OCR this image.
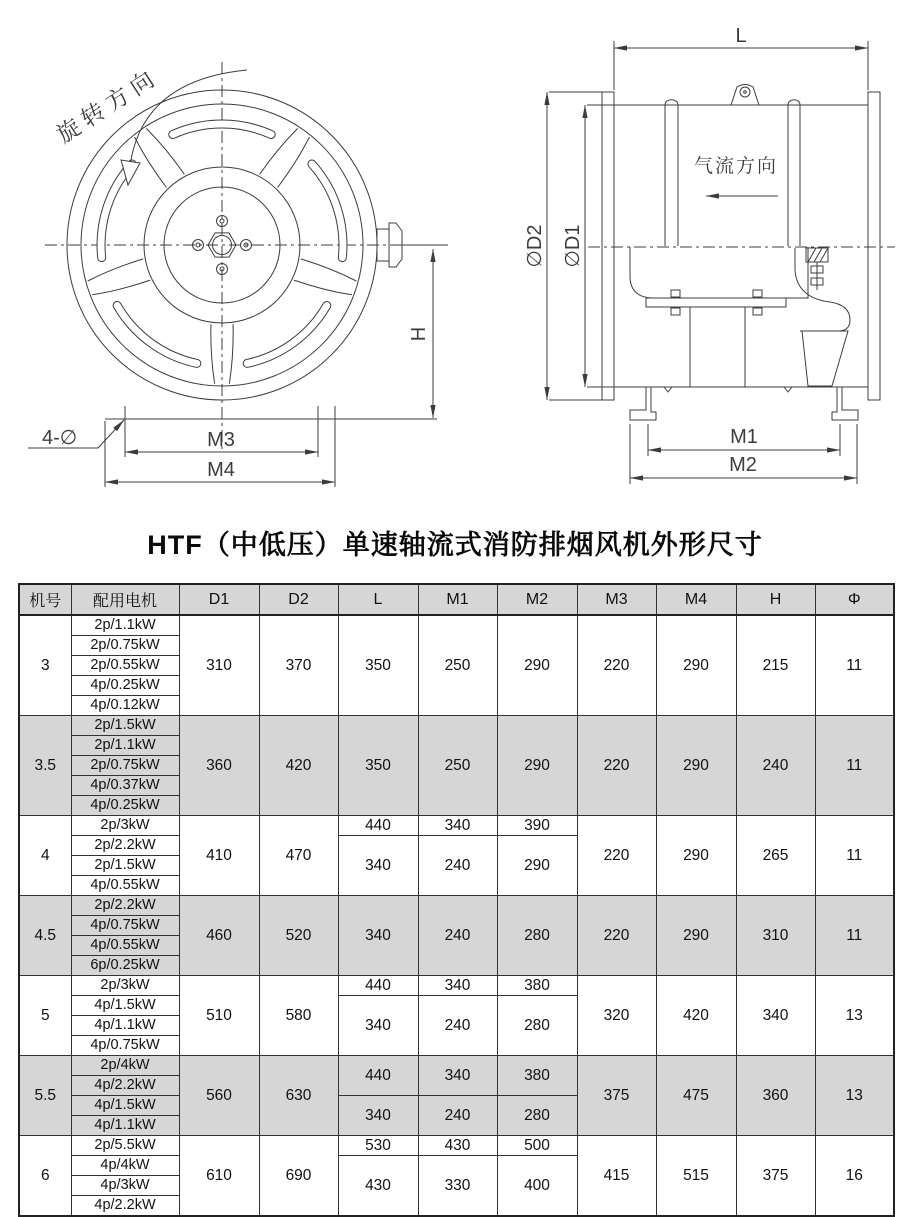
旋转方向
H
M3
M4
4-∅
气流方向
L
∅D2 ∅D1
M1
M2
HTF（中低压）单速轴流式消防排烟风机外形尺寸
机号	配用电机	D1	D2	L	M1	M2	M3	M4	H	Φ
3	2p/1.1kW	310	370	350	250	290	220	290	215	11
	2p/0.75kW									
	2p/0.55kW									
	4p/0.25kW									
	4p/0.12kW									
3.5	2p/1.5kW	360	420	350	250	290	220	290	240	11
	2p/1.1kW									
	2p/0.75kW									
	4p/0.37kW									
	4p/0.25kW									
4	2p/3kW	410	470	440	340	390	220	290	265	11
	2p/2.2kW			340	240	290				
	2p/1.5kW									
	4p/0.55kW									
4.5	2p/2.2kW	460	520	340	240	280	220	290	310	11
	4p/0.75kW									
	4p/0.55kW									
	6p/0.25kW									
5	2p/3kW	510	580	440	340	380	320	420	340	13
	4p/1.5kW			340	240	280				
	4p/1.1kW									
	4p/0.75kW									
5.5	2p/4kW	560	630	440	340	380	375	475	360	13
	4p/2.2kW									
	4p/1.5kW			340	240	280				
	4p/1.1kW									
6	2p/5.5kW	610	690	530	430	500	415	515	375	16
	4p/4kW			430	330	400				
	4p/3kW									
	4p/2.2kW									
